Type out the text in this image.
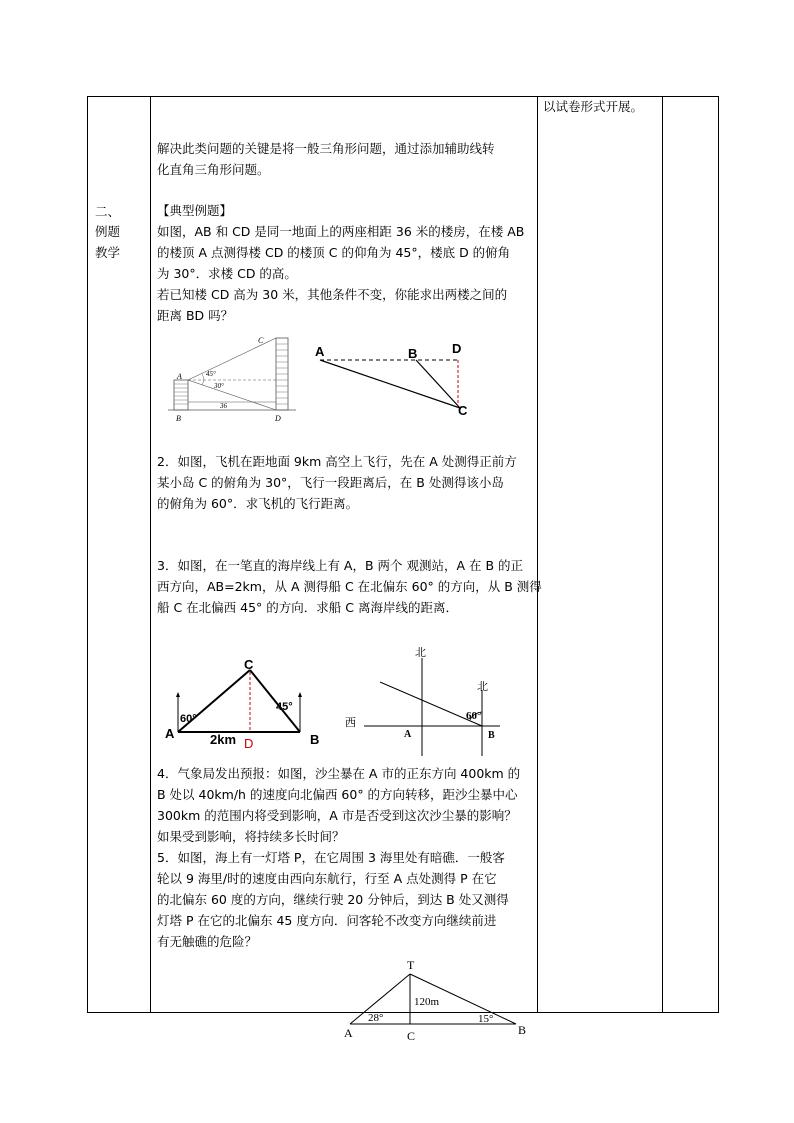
以试卷形式开展。
二、
例题
教学
解决此类问题的关键是将一般三角形问题，通过添加辅助线转
化直角三角形问题。
【典型例题】
如图，AB 和 CD 是同一地面上的两座相距 36 米的楼房，在楼 AB
的楼顶 A 点测得楼 CD 的楼顶 C 的仰角为 45°，楼底 D 的俯角
为 30°．求楼 CD 的高。
若已知楼 CD 高为 30 米，其他条件不变，你能求出两楼之间的
距离 BD 吗？
C
A
B	D
45°
30°
36
A	B	D
C
2．如图，飞机在距地面 9km 高空上飞行，先在 A 处测得正前方
某小岛 C 的俯角为 30°，飞行一段距离后，在 B 处测得该小岛
的俯角为 60°．求飞机的飞行距离。
3．如图，在一笔直的海岸线上有 A，B 两个 观测站，A 在 B 的正
西方向，AB=2km，从 A 测得船 C 在北偏东 60° 的方向，从 B 测得
船 C 在北偏西 45° 的方向．求船 C 离海岸线的距离．
C
A	B
D
60°
45°
2km
北
北
西
A	B
60°
4．气象局发出预报：如图，沙尘暴在 A 市的正东方向 400km 的
B 处以 40km/h 的速度向北偏西 60° 的方向转移，距沙尘暴中心
300km 的范围内将受到影响，A 市是否受到这次沙尘暴的影响？
如果受到影响，将持续多长时间？
5．如图，海上有一灯塔 P，在它周围 3 海里处有暗礁．一般客
轮以 9 海里/时的速度由西向东航行，行至 A 点处测得 P 在它
的北偏东 60 度的方向，继续行驶 20 分钟后，到达 B 处又测得
灯塔 P 在它的北偏东 45 度方向．问客轮不改变方向继续前进
有无触礁的危险？
T
A	B
C
28°	15°
120m
